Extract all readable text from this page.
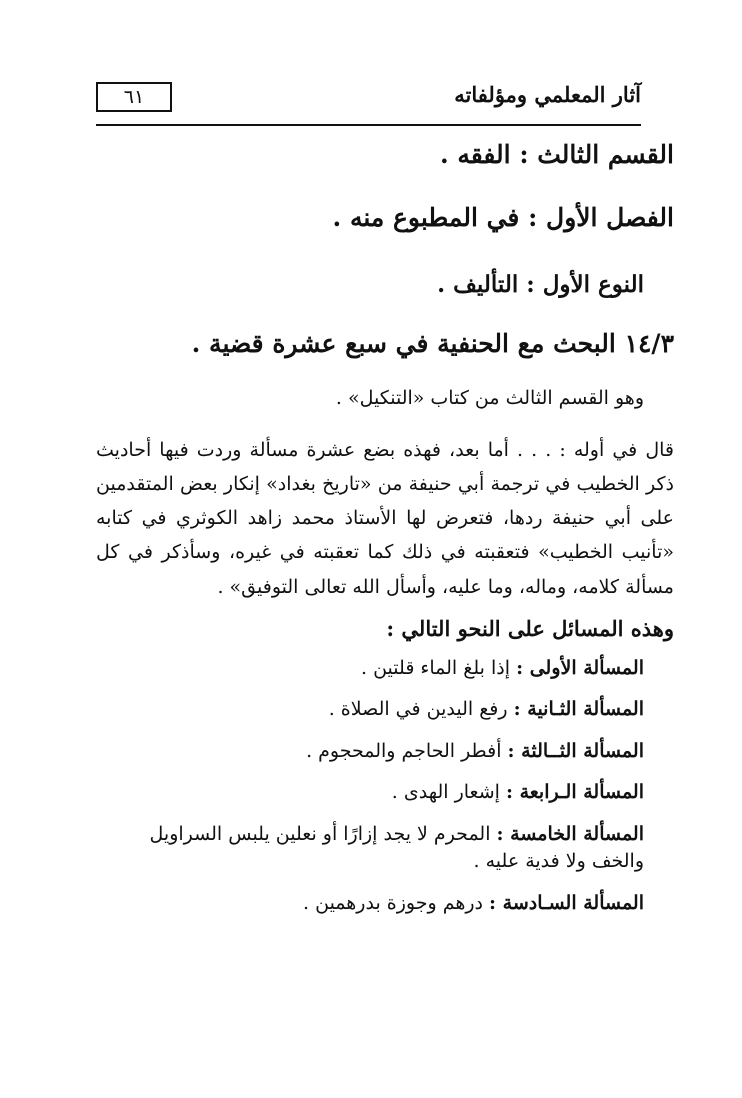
آثار المعلمي ومؤلفاته
٦١
القسم الثالث : الفقه .
الفصل الأول : في المطبوع منه .
النوع الأول : التأليف .
١٤/٣ البحث مع الحنفية في سبع عشرة قضية .
وهو القسم الثالث من كتاب «التنكيل» .
قال في أوله : . . . أما بعد، فهذه بضع عشرة مسألة وردت فيها أحاديث ذكر الخطيب في ترجمة أبي حنيفة من «تاريخ بغداد» إنكار بعض المتقدمين على أبي حنيفة ردها، فتعرض لها الأستاذ محمد زاهد الكوثري في كتابه «تأنيب الخطيب» فتعقبته في ذلك كما تعقبته في غيره، وسأذكر في كل مسألة كلامه، وماله، وما عليه، وأسأل الله تعالى التوفيق» .
وهذه المسائل على النحو التالي :
المسألة الأولى : إذا بلغ الماء قلتين .
المسألة الثـانية : رفع اليدين في الصلاة .
المسألة الثــالثة : أفطر الحاجم والمحجوم .
المسألة الـرابعة : إشعار الهدى .
المسألة الخامسة : المحرم لا يجد إزارًا أو نعلين يلبس السراويل والخف ولا فدية عليه .
المسألة السـادسة : درهم وجوزة بدرهمين .
